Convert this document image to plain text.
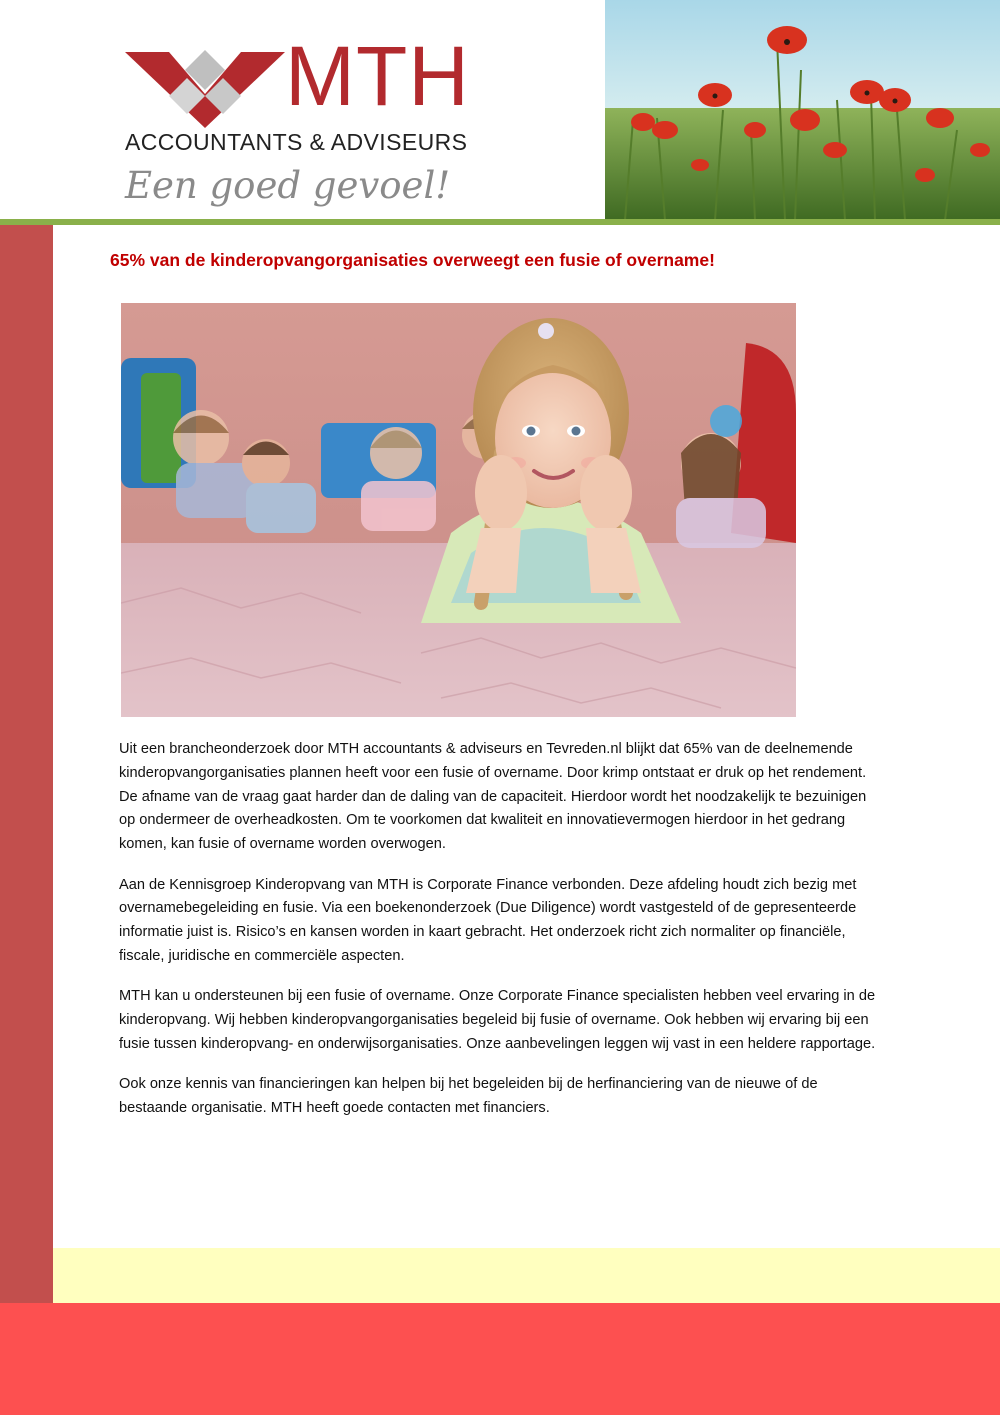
MTH
ACCOUNTANTS & ADVISEURS
Een goed gevoel!
65% van de kinderopvangorganisaties overweegt een fusie of overname!

Uit een brancheonderzoek door MTH accountants & adviseurs en Tevreden.nl blijkt dat 65% van de deelnemende kinderopvangorganisaties plannen heeft voor een fusie of overname. Door krimp ontstaat er druk op het rendement. De afname van de vraag gaat harder dan de daling van de capaciteit. Hierdoor wordt het noodzakelijk te bezuinigen op ondermeer de overheadkosten. Om te voorkomen dat kwaliteit en innovatievermogen hierdoor in het gedrang komen, kan fusie of overname worden overwogen.

Aan de Kennisgroep Kinderopvang van MTH is Corporate Finance verbonden. Deze afdeling houdt zich bezig met overnamebegeleiding en fusie. Via een boekenonderzoek (Due Diligence) wordt vastgesteld of de gepresenteerde informatie juist is. Risico’s en kansen worden in kaart gebracht. Het onderzoek richt zich normaliter op financiële, fiscale, juridische en commerciële aspecten.

MTH kan u ondersteunen bij een fusie of overname. Onze Corporate Finance specialisten hebben veel ervaring in de kinderopvang. Wij hebben kinderopvangorganisaties begeleid bij fusie of overname. Ook hebben wij ervaring bij een fusie tussen kinderopvang- en onderwijsorganisaties. Onze aanbevelingen leggen wij vast in een heldere rapportage.

Ook onze kennis van financieringen kan helpen bij het begeleiden bij de herfinanciering van de nieuwe of de bestaande organisatie. MTH heeft goede contacten met financiers.
